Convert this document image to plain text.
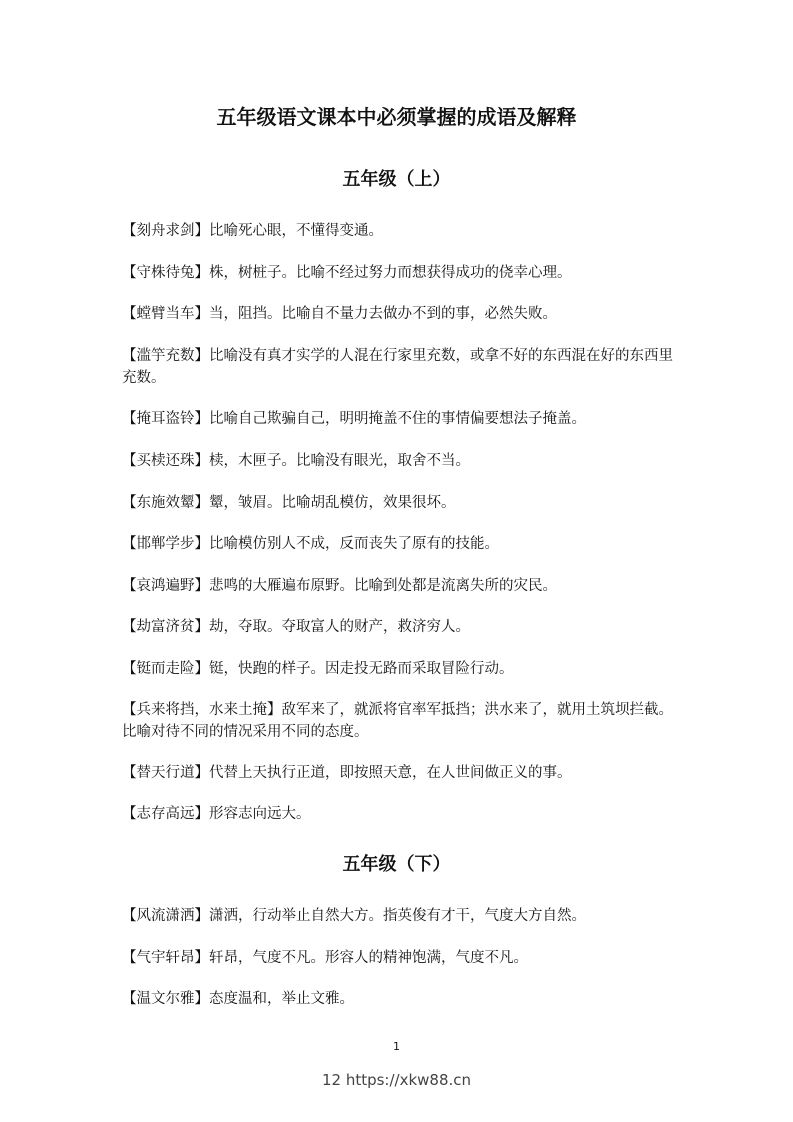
五年级语文课本中必须掌握的成语及解释
五年级（上）

【刻舟求剑】比喻死心眼，不懂得变通。

【守株待兔】株，树桩子。比喻不经过努力而想获得成功的侥幸心理。

【螳臂当车】当，阻挡。比喻自不量力去做办不到的事，必然失败。

【滥竽充数】比喻没有真才实学的人混在行家里充数，或拿不好的东西混在好的东西里充数。

【掩耳盗铃】比喻自己欺骗自己，明明掩盖不住的事情偏要想法子掩盖。

【买椟还珠】椟，木匣子。比喻没有眼光，取舍不当。

【东施效颦】颦，皱眉。比喻胡乱模仿，效果很坏。

【邯郸学步】比喻模仿别人不成，反而丧失了原有的技能。

【哀鸿遍野】悲鸣的大雁遍布原野。比喻到处都是流离失所的灾民。

【劫富济贫】劫，夺取。夺取富人的财产，救济穷人。

【铤而走险】铤，快跑的样子。因走投无路而采取冒险行动。

【兵来将挡，水来土掩】敌军来了，就派将官率军抵挡；洪水来了，就用土筑坝拦截。比喻对待不同的情况采用不同的态度。

【替天行道】代替上天执行正道，即按照天意，在人世间做正义的事。

【志存高远】形容志向远大。

五年级（下）

【风流潇洒】潇洒，行动举止自然大方。指英俊有才干，气度大方自然。

【气宇轩昂】轩昂，气度不凡。形容人的精神饱满，气度不凡。

【温文尔雅】态度温和，举止文雅。

1
12 https://xkw88.cn
